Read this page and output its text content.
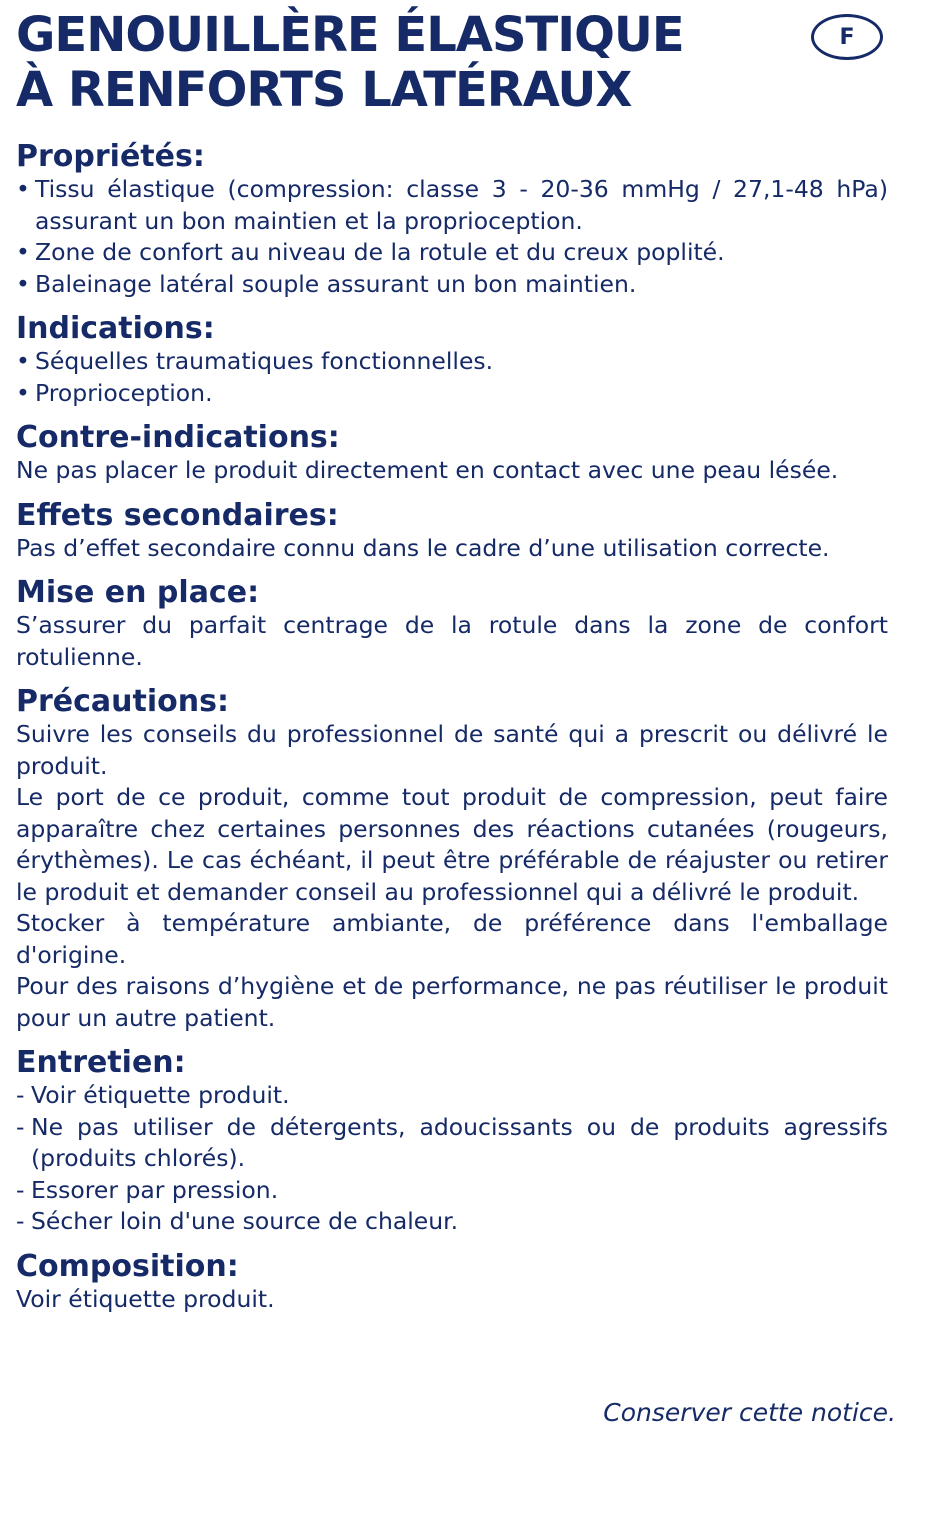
GENOUILLÈRE ÉLASTIQUE
À RENFORTS LATÉRAUX
Propriétés:
• Tissu élastique (compression: classe 3 - 20-36 mmHg / 27,1-48 hPa) assurant un bon maintien et la proprioception.
• Zone de confort au niveau de la rotule et du creux poplité.
• Baleinage latéral souple assurant un bon maintien.
Indications:
• Séquelles traumatiques fonctionnelles.
• Proprioception.
Contre-indications:

Ne pas placer le produit directement en contact avec une peau lésée.

Effets secondaires:

Pas d’effet secondaire connu dans le cadre d’une utilisation correcte.

Mise en place:

S’assurer du parfait centrage de la rotule dans la zone de confort rotulienne.

Précautions:

Suivre les conseils du professionnel de santé qui a prescrit ou délivré le produit.

Le port de ce produit, comme tout produit de compression, peut faire apparaître chez certaines personnes des réactions cutanées (rougeurs, érythèmes). Le cas échéant, il peut être préférable de réajuster ou retirer le produit et demander conseil au professionnel qui a délivré le produit.

Stocker à température ambiante, de préférence dans l'emballage d'origine.

Pour des raisons d’hygiène et de performance, ne pas réutiliser le produit pour un autre patient.

Entretien:
- Voir étiquette produit.
- Ne pas utiliser de détergents, adoucissants ou de produits agressifs (produits chlorés).
- Essorer par pression.
- Sécher loin d'une source de chaleur.
Composition:

Voir étiquette produit.

F
Conserver cette notice.
